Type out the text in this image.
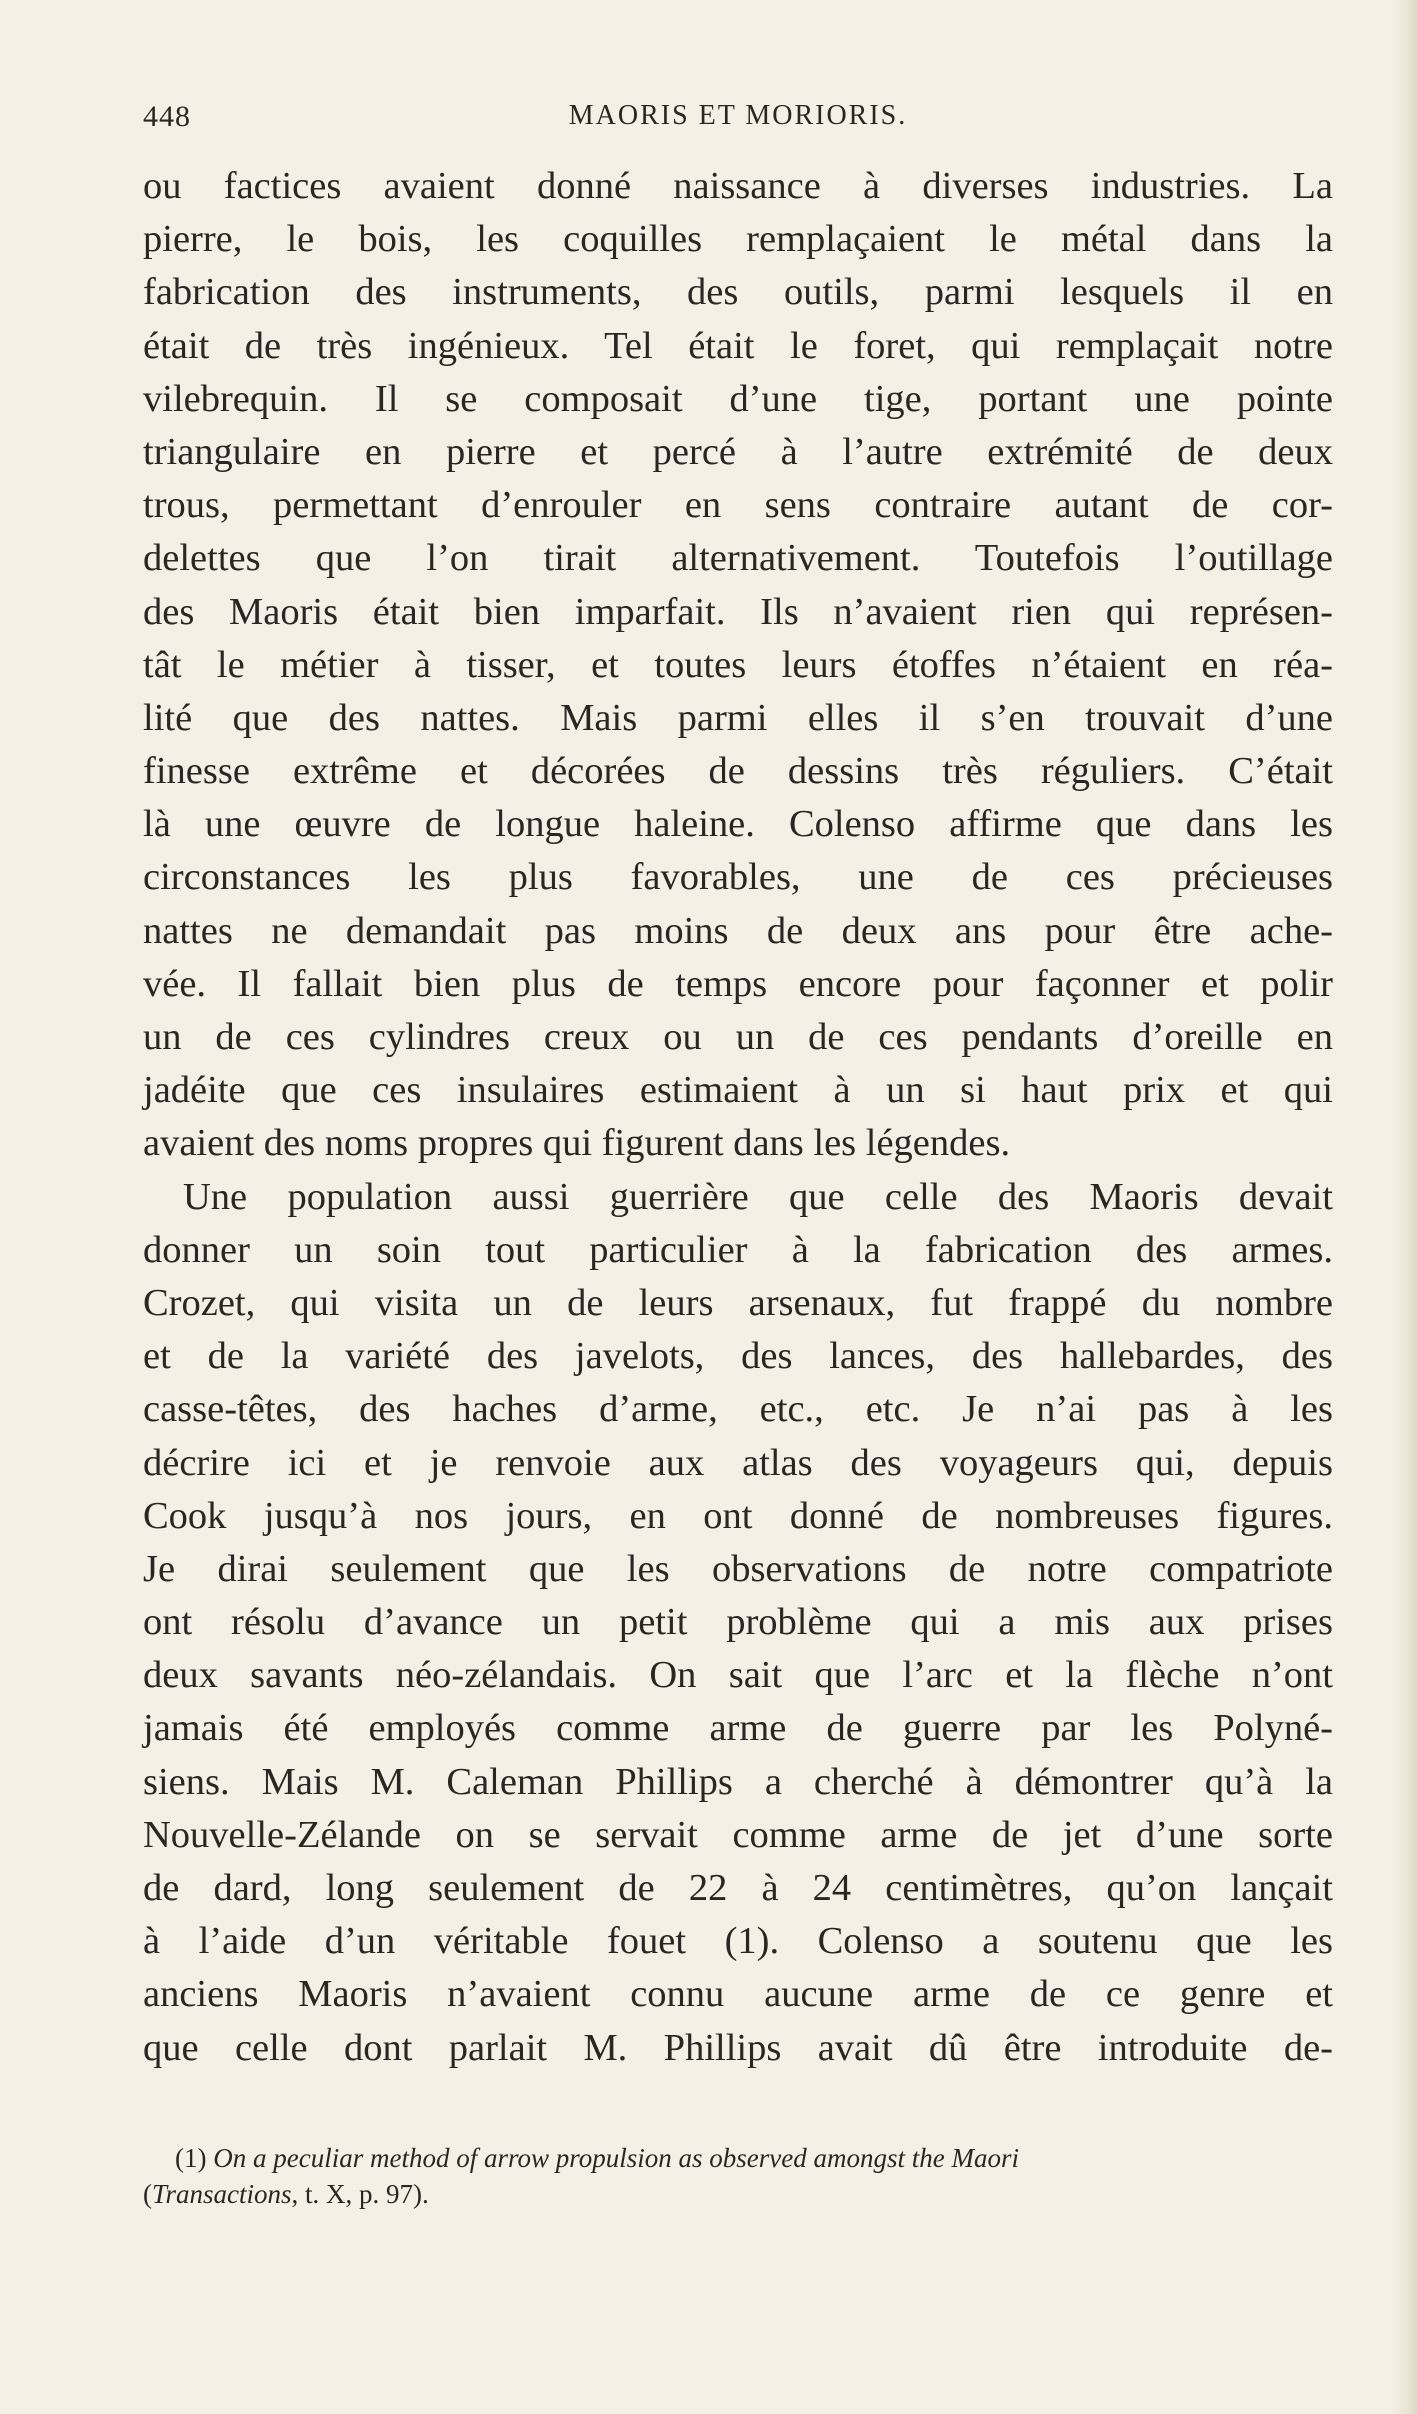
448	MAORIS ET MORIORIS.
ou factices avaient donné naissance à diverses industries. La
pierre, le bois, les coquilles remplaçaient le métal dans la
fabrication des instruments, des outils, parmi lesquels il en
était de très ingénieux. Tel était le foret, qui remplaçait notre
vilebrequin. Il se composait d’une tige, portant une pointe
triangulaire en pierre et percé à l’autre extrémité de deux
trous, permettant d’enrouler en sens contraire autant de cor-
delettes que l’on tirait alternativement. Toutefois l’outillage
des Maoris était bien imparfait. Ils n’avaient rien qui représen-
tât le métier à tisser, et toutes leurs étoffes n’étaient en réa-
lité que des nattes. Mais parmi elles il s’en trouvait d’une
finesse extrême et décorées de dessins très réguliers. C’était
là une œuvre de longue haleine. Colenso affirme que dans les
circonstances les plus favorables, une de ces précieuses
nattes ne demandait pas moins de deux ans pour être ache-
vée. Il fallait bien plus de temps encore pour façonner et polir
un de ces cylindres creux ou un de ces pendants d’oreille en
jadéite que ces insulaires estimaient à un si haut prix et qui
avaient des noms propres qui figurent dans les légendes.
Une population aussi guerrière que celle des Maoris devait
donner un soin tout particulier à la fabrication des armes.
Crozet, qui visita un de leurs arsenaux, fut frappé du nombre
et de la variété des javelots, des lances, des hallebardes, des
casse-têtes, des haches d’arme, etc., etc. Je n’ai pas à les
décrire ici et je renvoie aux atlas des voyageurs qui, depuis
Cook jusqu’à nos jours, en ont donné de nombreuses figures.
Je dirai seulement que les observations de notre compatriote
ont résolu d’avance un petit problème qui a mis aux prises
deux savants néo-zélandais. On sait que l’arc et la flèche n’ont
jamais été employés comme arme de guerre par les Polyné-
siens. Mais M. Caleman Phillips a cherché à démontrer qu’à la
Nouvelle-Zélande on se servait comme arme de jet d’une sorte
de dard, long seulement de 22 à 24 centimètres, qu’on lançait
à l’aide d’un véritable fouet (1). Colenso a soutenu que les
anciens Maoris n’avaient connu aucune arme de ce genre et
que celle dont parlait M. Phillips avait dû être introduite de-
(1) On a peculiar method of arrow propulsion as observed amongst the Maori
(Transactions, t. X, p. 97).
